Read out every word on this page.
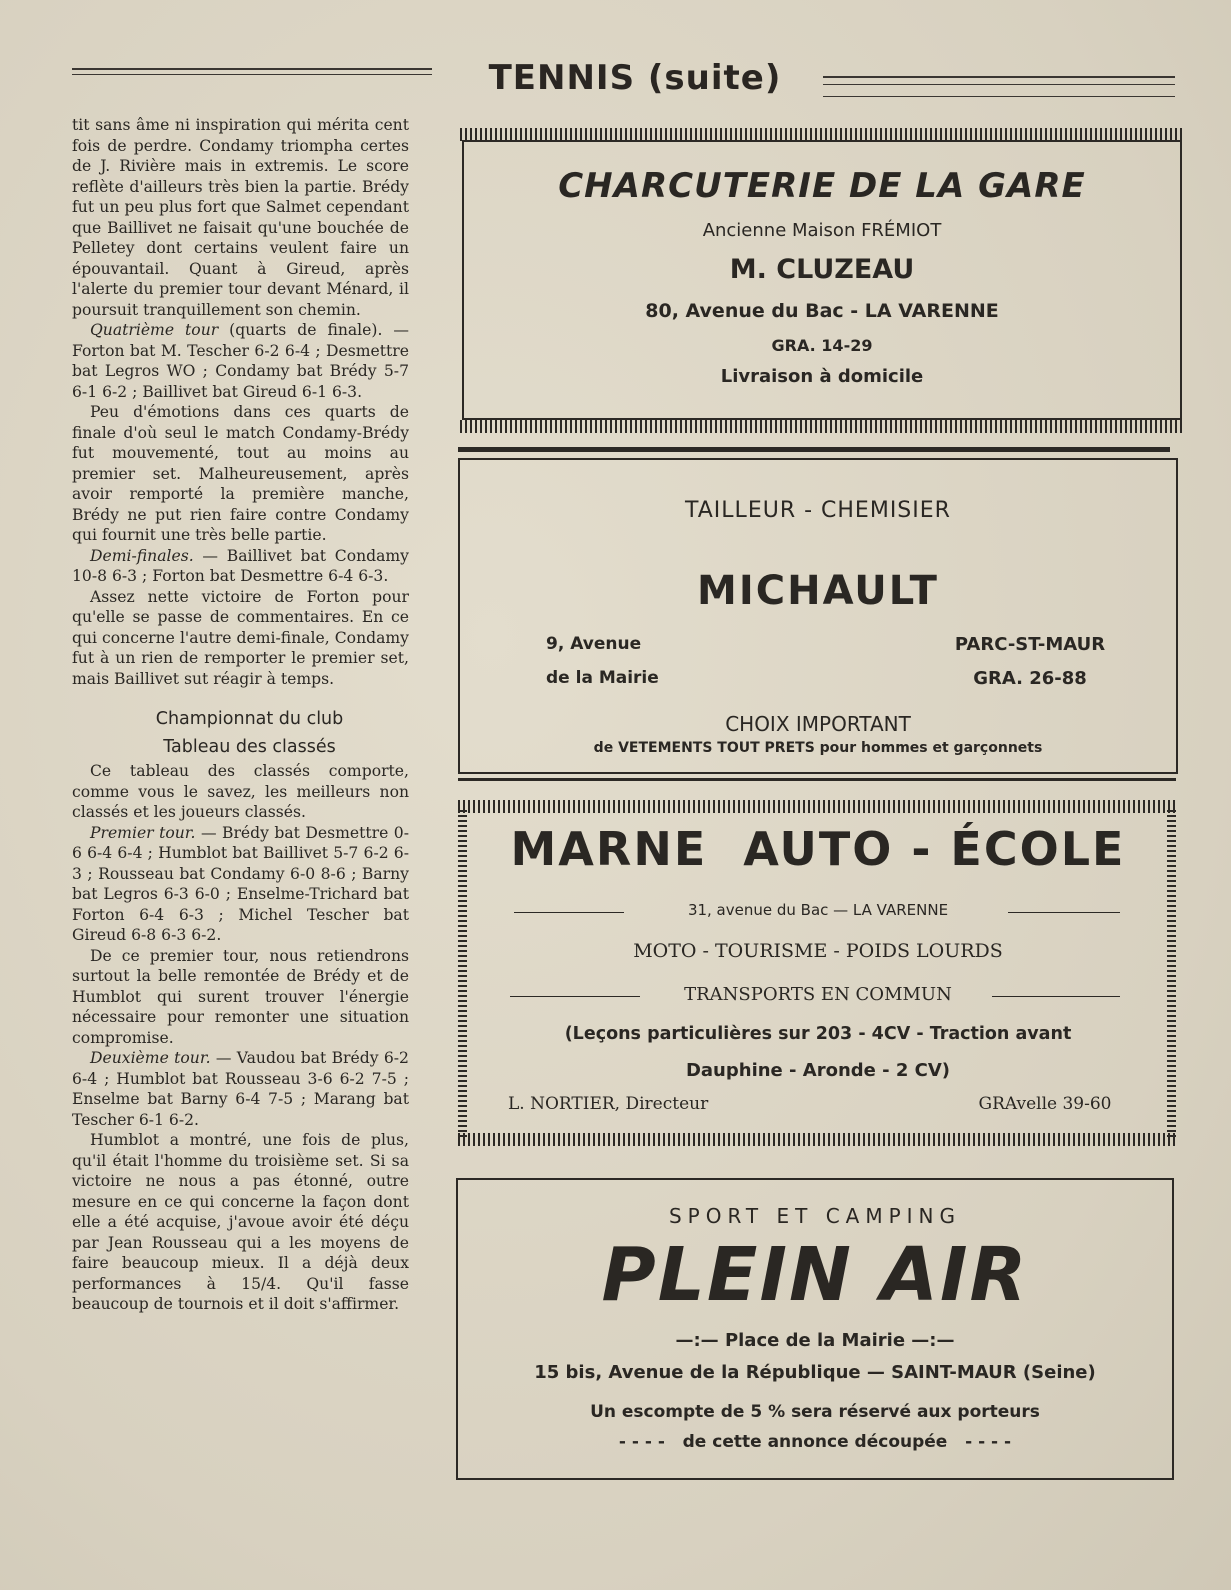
TENNIS (suite)

tit sans âme ni inspiration qui mérita cent fois de perdre. Condamy triompha certes de J. Rivière mais in extremis. Le score reflète d'ailleurs très bien la partie. Brédy fut un peu plus fort que Salmet cependant que Baillivet ne faisait qu'une bouchée de Pelletey dont certains veulent faire un épouvantail. Quant à Gireud, après l'alerte du premier tour devant Ménard, il poursuit tranquillement son chemin.

Quatrième tour (quarts de finale). — Forton bat M. Tescher 6-2 6-4 ; Desmettre bat Legros WO ; Condamy bat Brédy 5-7 6-1 6-2 ; Baillivet bat Gireud 6-1 6-3.

Peu d'émotions dans ces quarts de finale d'où seul le match Condamy-Brédy fut mouvementé, tout au moins au premier set. Malheureusement, après avoir remporté la première manche, Brédy ne put rien faire contre Condamy qui fournit une très belle partie.

Demi-finales. — Baillivet bat Condamy 10-8 6-3 ; Forton bat Desmettre 6-4 6-3.

Assez nette victoire de Forton pour qu'elle se passe de commentaires. En ce qui concerne l'autre demi-finale, Condamy fut à un rien de remporter le premier set, mais Baillivet sut réagir à temps.

Championnat du club

Tableau des classés

Ce tableau des classés comporte, comme vous le savez, les meilleurs non classés et les joueurs classés.

Premier tour. — Brédy bat Desmettre 0-6 6-4 6-4 ; Humblot bat Baillivet 5-7 6-2 6-3 ; Rousseau bat Condamy 6-0 8-6 ; Barny bat Legros 6-3 6-0 ; Enselme-Trichard bat Forton 6-4 6-3 ; Michel Tescher bat Gireud 6-8 6-3 6-2.

De ce premier tour, nous retiendrons surtout la belle remontée de Brédy et de Humblot qui surent trouver l'énergie nécessaire pour remonter une situation compromise.

Deuxième tour. — Vaudou bat Brédy 6-2 6-4 ; Humblot bat Rousseau 3-6 6-2 7-5 ; Enselme bat Barny 6-4 7-5 ; Marang bat Tescher 6-1 6-2.

Humblot a montré, une fois de plus, qu'il était l'homme du troisième set. Si sa victoire ne nous a pas étonné, outre mesure en ce qui concerne la façon dont elle a été acquise, j'avoue avoir été déçu par Jean Rousseau qui a les moyens de faire beaucoup mieux. Il a déjà deux performances à 15/4. Qu'il fasse beaucoup de tournois et il doit s'affirmer.

CHARCUTERIE DE LA GARE
Ancienne Maison FRÉMIOT
M. CLUZEAU
80, Avenue du Bac - LA VARENNE
GRA. 14-29
Livraison à domicile
TAILLEUR - CHEMISIER
MICHAULT
9, Avenue
de la Mairie
PARC-ST-MAUR
GRA. 26-88
CHOIX IMPORTANT
de VETEMENTS TOUT PRETS pour hommes et garçonnets
MARNE  AUTO - ÉCOLE
31, avenue du Bac — LA VARENNE
MOTO - TOURISME - POIDS LOURDS
TRANSPORTS EN COMMUN
(Leçons particulières sur 203 - 4CV - Traction avant
Dauphine - Aronde - 2 CV)
L. NORTIER, Directeur	GRAvelle 39-60
SPORT ET CAMPING
PLEIN AIR
—:— Place de la Mairie —:—
15 bis, Avenue de la République — SAINT-MAUR (Seine)
Un escompte de 5 % sera réservé aux porteurs
- - - -   de cette annonce découpée   - - - -
